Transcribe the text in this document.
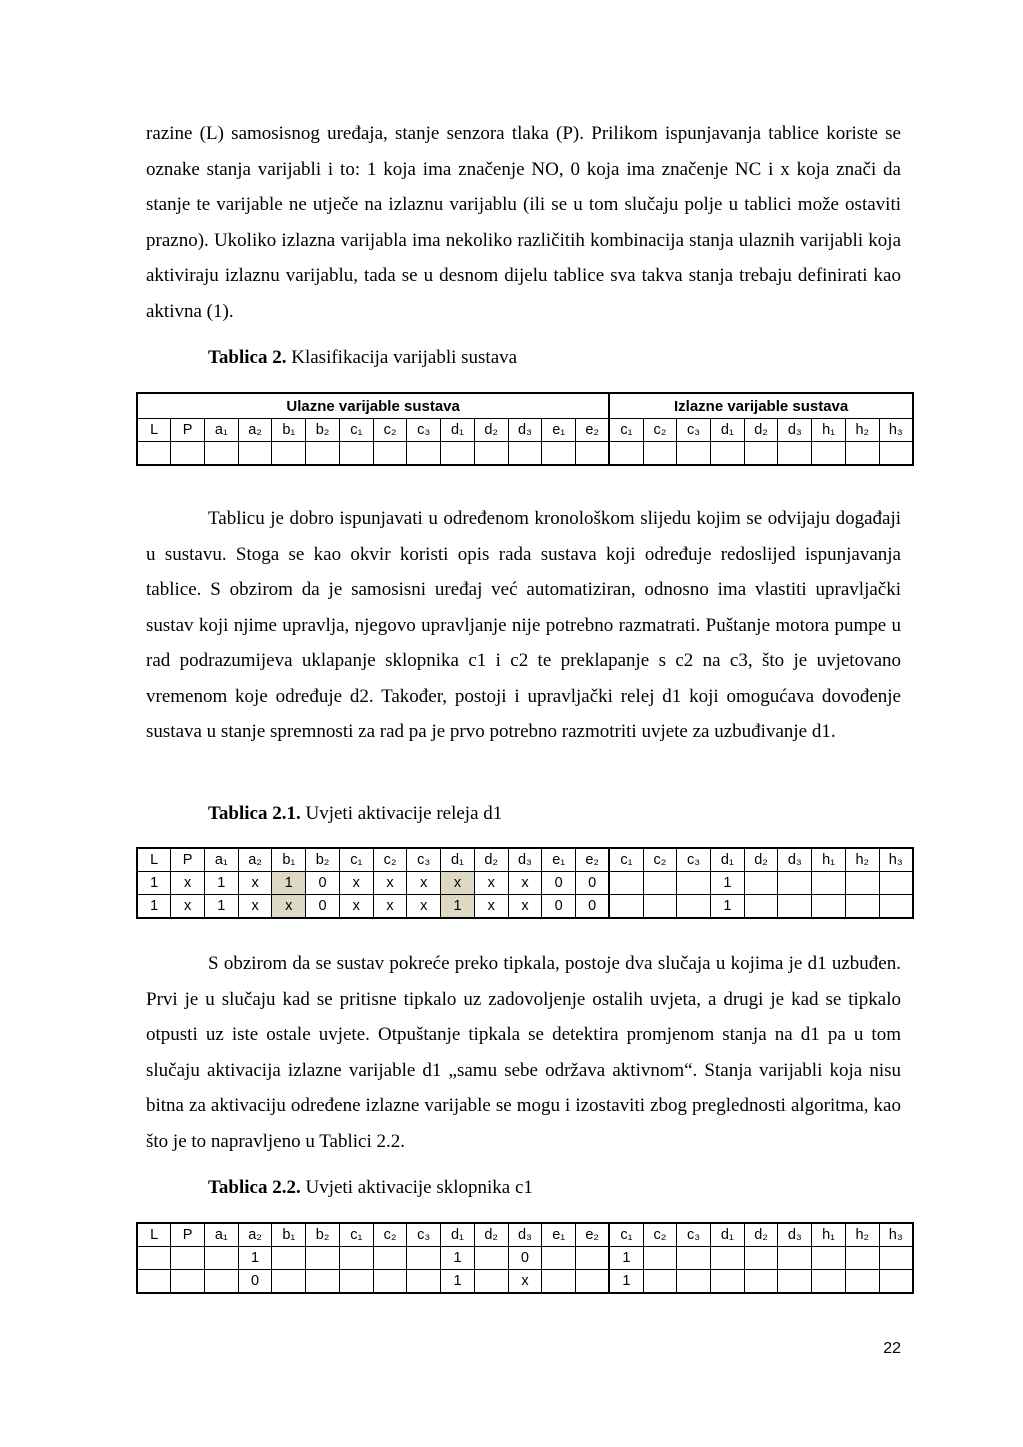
razine (L) samosisnog uređaja, stanje senzora tlaka (P). Prilikom ispunjavanja tablice koriste se oznake stanja varijabli i to: 1 koja ima značenje NO, 0 koja ima značenje NC i x koja znači da stanje te varijable ne utječe na izlaznu varijablu (ili se u tom slučaju polje u tablici može ostaviti prazno). Ukoliko izlazna varijabla ima nekoliko različitih kombinacija stanja ulaznih varijabli koja aktiviraju izlaznu varijablu, tada se u desnom dijelu tablice sva takva stanja trebaju definirati kao aktivna (1).

Tablica 2. Klasifikacija varijabli sustava

Ulazne varijable sustava														Izlazne varijable sustava								
L	P	a₁	a₂	b₁	b₂	c₁	c₂	c₃	d₁	d₂	d₃	e₁	e₂	c₁	c₂	c₃	d₁	d₂	d₃	h₁	h₂	h₃

Tablicu je dobro ispunjavati u određenom kronološkom slijedu kojim se odvijaju događaji u sustavu. Stoga se kao okvir koristi opis rada sustava koji određuje redoslijed ispunjavanja tablice. S obzirom da je samosisni uređaj već automatiziran, odnosno ima vlastiti upravljački sustav koji njime upravlja, njegovo upravljanje nije potrebno razmatrati. Puštanje motora pumpe u rad podrazumijeva uklapanje sklopnika c1 i c2 te preklapanje s c2 na c3, što je uvjetovano vremenom koje određuje d2. Također, postoji i upravljački relej d1 koji omogućava dovođenje sustava u stanje spremnosti za rad pa je prvo potrebno razmotriti uvjete za uzbuđivanje d1.

Tablica 2.1. Uvjeti aktivacije releja d1

L	P	a₁	a₂	b₁	b₂	c₁	c₂	c₃	d₁	d₂	d₃	e₁	e₂	c₁	c₂	c₃	d₁	d₂	d₃	h₁	h₂	h₃
1	x	1	x	1	0	x	x	x	x	x	x	0	0				1					
1	x	1	x	x	0	x	x	x	1	x	x	0	0				1					

S obzirom da se sustav pokreće preko tipkala, postoje dva slučaja u kojima je d1 uzbuđen. Prvi je u slučaju kad se pritisne tipkalo uz zadovoljenje ostalih uvjeta, a drugi je kad se tipkalo otpusti uz iste ostale uvjete. Otpuštanje tipkala se detektira promjenom stanja na d1 pa u tom slučaju aktivacija izlazne varijable d1 „samu sebe održava aktivnom“. Stanja varijabli koja nisu bitna za aktivaciju određene izlazne varijable se mogu i izostaviti zbog preglednosti algoritma, kao što je to napravljeno u Tablici 2.2.

Tablica 2.2. Uvjeti aktivacije sklopnika c1

L	P	a₁	a₂	b₁	b₂	c₁	c₂	c₃	d₁	d₂	d₃	e₁	e₂	c₁	c₂	c₃	d₁	d₂	d₃	h₁	h₂	h₃
			1						1		0			1								
			0						1		x			1								
22
